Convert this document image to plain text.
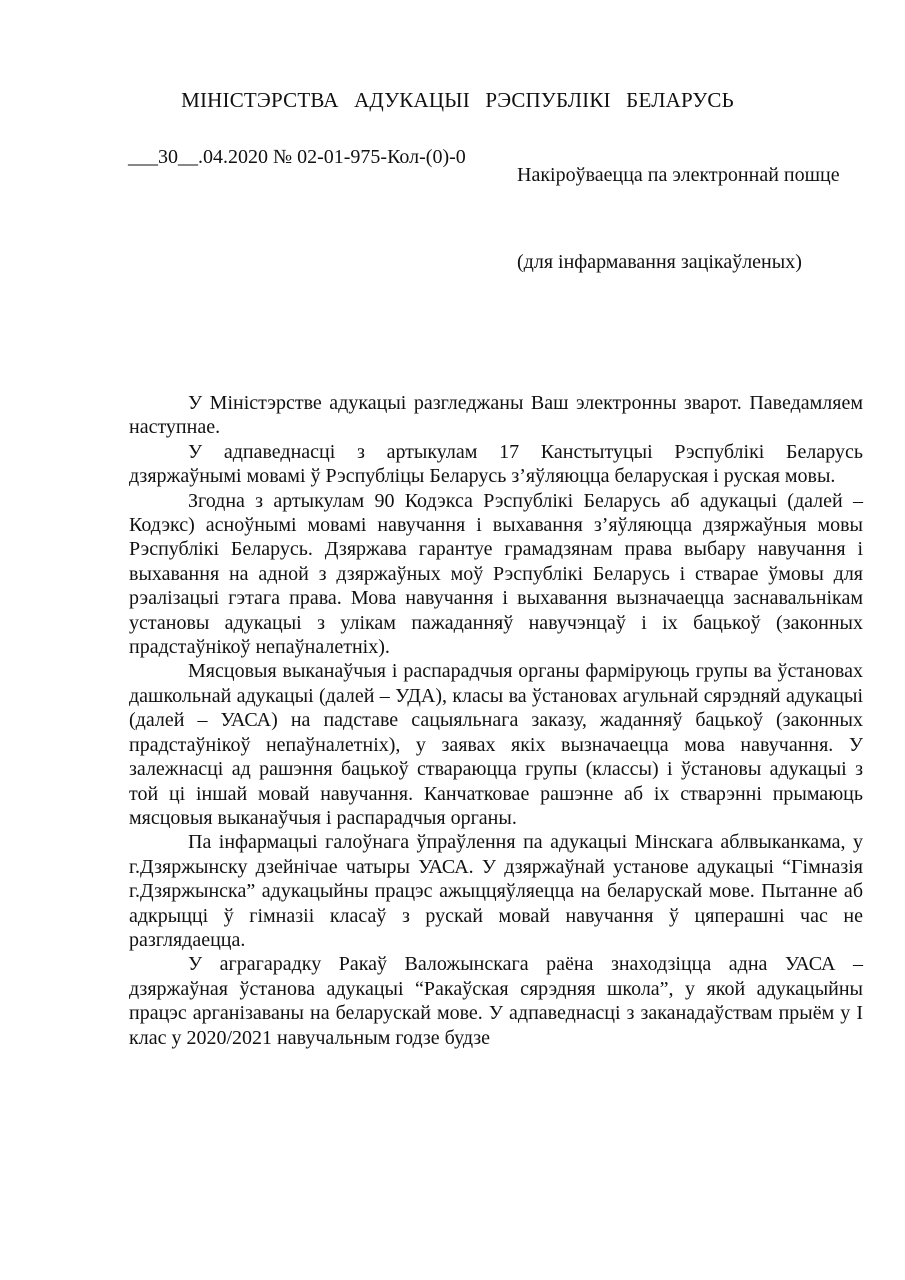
МІНІСТЭРСТВА АДУКАЦЫІ РЭСПУБЛІКІ БЕЛАРУСЬ
___30__.04.2020 № 02-01-975-Кол-(0)-0
Накіроўваецца па электроннай пошце
(для інфармавання зацікаўленых)

У Міністэрстве адукацыі разгледжаны Ваш электронны зварот. Паведамляем наступнае.

У адпаведнасці з артыкулам 17 Канстытуцыі Рэспублікі Беларусь дзяржаўнымі мовамі ў Рэспубліцы Беларусь з’яўляюцца беларуская і руская мовы.

Згодна з артыкулам 90 Кодэкса Рэспублікі Беларусь аб адукацыі (далей – Кодэкс) асноўнымі мовамі навучання і выхавання з’яўляюцца дзяржаўныя мовы Рэспублікі Беларусь. Дзяржава гарантуе грамадзянам права выбару навучання і выхавання на адной з дзяржаўных моў Рэспублікі Беларусь і стварае ўмовы для рэалізацыі гэтага права. Мова навучання і выхавання вызначаецца заснавальнікам установы адукацыі з улікам пажаданняў навучэнцаў і іх бацькоў (законных прадстаўнікоў непаўналетніх).

Мясцовыя выканаўчыя і распарадчыя органы фарміруюць групы ва ўстановах дашкольнай адукацыі (далей – УДА), класы ва ўстановах агульнай сярэдняй адукацыі (далей – УАСА) на падставе сацыяльнага заказу, жаданняў бацькоў (законных прадстаўнікоў непаўналетніх), у заявах якіх вызначаецца мова навучання. У залежнасці ад рашэння бацькоў ствараюцца групы (классы) і ўстановы адукацыі з той ці іншай мовай навучання. Канчатковае рашэнне аб іх стварэнні прымаюць мясцовыя выканаўчыя і распарадчыя органы.

Па інфармацыі галоўнага ўпраўлення па адукацыі Мінскага аблвыканкама, у г.Дзяржынску дзейнічае чатыры УАСА. У дзяржаўнай установе адукацыі “Гімназія г.Дзяржынска” адукацыйны працэс ажыццяўляецца на беларускай мове. Пытанне аб адкрыцці ў гімназіі класаў з рускай мовай навучання ў цяперашні час не разглядаецца.

У аграгарадку Ракаў Валожынскага раёна знаходзіцца адна УАСА – дзяржаўная ўстанова адукацыі “Ракаўская сярэдняя школа”, у якой адукацыйны працэс арганізаваны на беларускай мове. У адпаведнасці з заканадаўствам прыём у I клас у 2020/2021 навучальным годзе будзе
